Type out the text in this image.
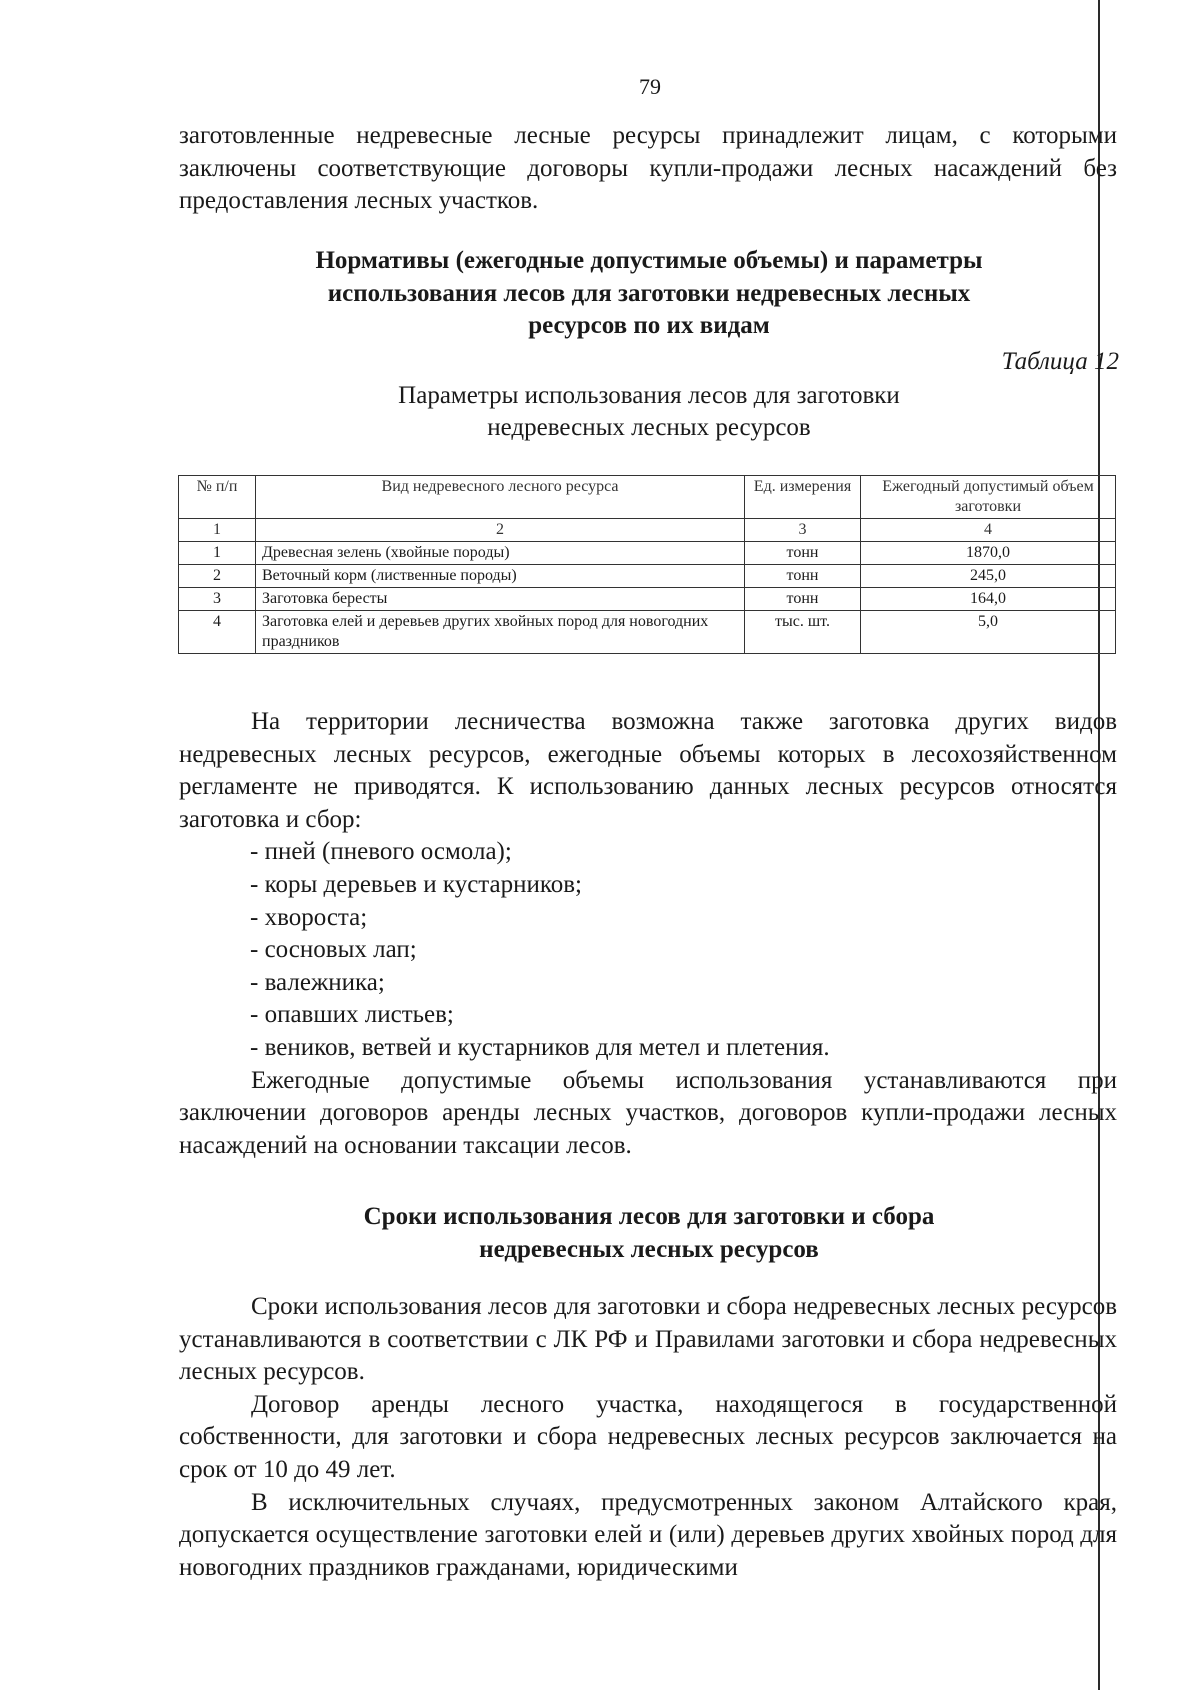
79

заготовленные недревесные лесные ресурсы принадлежит лицам, с которыми заключены соответствующие договоры купли-продажи лесных насаждений без предоставления лесных участков.

Нормативы (ежегодные допустимые объемы) и параметры
использования лесов для заготовки недревесных лесных
ресурсов по их видам
Таблица 12
Параметры использования лесов для заготовки
недревесных лесных ресурсов
№ п/п	Вид недревесного лесного ресурса	Ед. измерения	Ежегодный допустимый объем заготовки
1	2	3	4
1	Древесная зелень (хвойные породы)	тонн	1870,0
2	Веточный корм (лиственные породы)	тонн	245,0
3	Заготовка бересты	тонн	164,0
4	Заготовка елей и деревьев других хвойных пород для новогодних праздников	тыс. шт.	5,0

На территории лесничества возможна также заготовка других видов недревесных лесных ресурсов, ежегодные объемы которых в лесохозяйственном регламенте не приводятся. К использованию данных лесных ресурсов относятся заготовка и сбор:

- пней (пневого осмола);
- коры деревьев и кустарников;
- хвороста;
- сосновых лап;
- валежника;
- опавших листьев;
- веников, ветвей и кустарников для метел и плетения.

Ежегодные допустимые объемы использования устанавливаются при заключении договоров аренды лесных участков, договоров купли-продажи лесных насаждений на основании таксации лесов.

Сроки использования лесов для заготовки и сбора
недревесных лесных ресурсов

Сроки использования лесов для заготовки и сбора недревесных лесных ресурсов устанавливаются в соответствии с ЛК РФ и Правилами заготовки и сбора недревесных лесных ресурсов.

Договор аренды лесного участка, находящегося в государственной собственности, для заготовки и сбора недревесных лесных ресурсов заключается на срок от 10 до 49 лет.

В исключительных случаях, предусмотренных законом Алтайского края, допускается осуществление заготовки елей и (или) деревьев других хвойных пород для новогодних праздников гражданами, юридическими
